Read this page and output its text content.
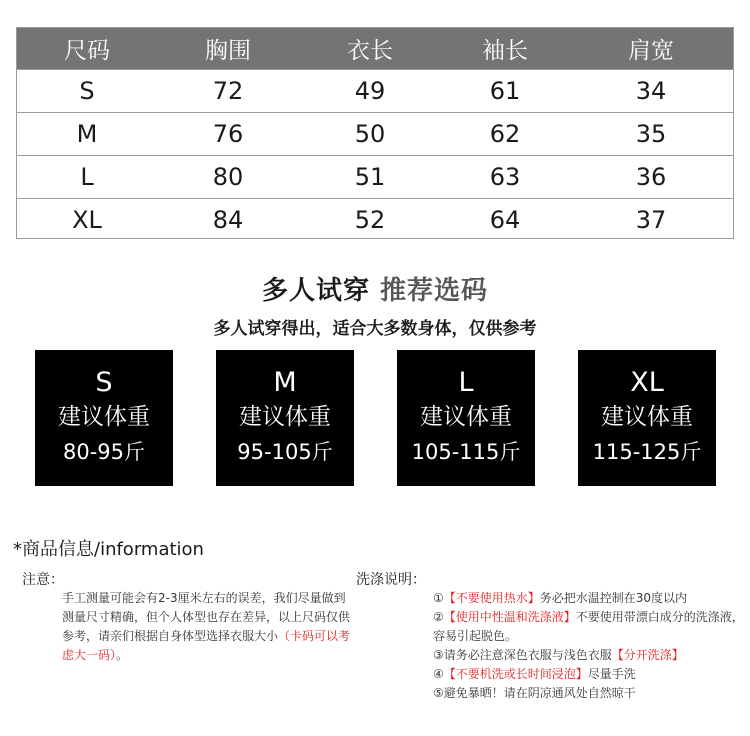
尺码	胸围	衣长	袖长	肩宽
S	72	49	61	34
M	76	50	62	35
L	80	51	63	36
XL	84	52	64	37
多人试穿 推荐选码
多人试穿得出，适合大多数身体，仅供参考
S
建议体重
80-95斤
M
建议体重
95-105斤
L
建议体重
105-115斤
XL
建议体重
115-125斤
*商品信息/information
注意：
手工测量可能会有2-3厘米左右的误差，我们尽量做到测量尺寸精确，但个人体型也存在差异，以上尺码仅供参考，请亲们根据自身体型选择衣服大小（卡码可以考虑大一码）。
洗涤说明：
①【不要使用热水】务必把水温控制在30度以内
②【使用中性温和洗涤液】不要使用带漂白成分的洗涤液，容易引起脱色。
③请务必注意深色衣服与浅色衣服【分开洗涤】
④【不要机洗或长时间浸泡】尽量手洗
⑤避免暴晒！请在阴凉通风处自然晾干
